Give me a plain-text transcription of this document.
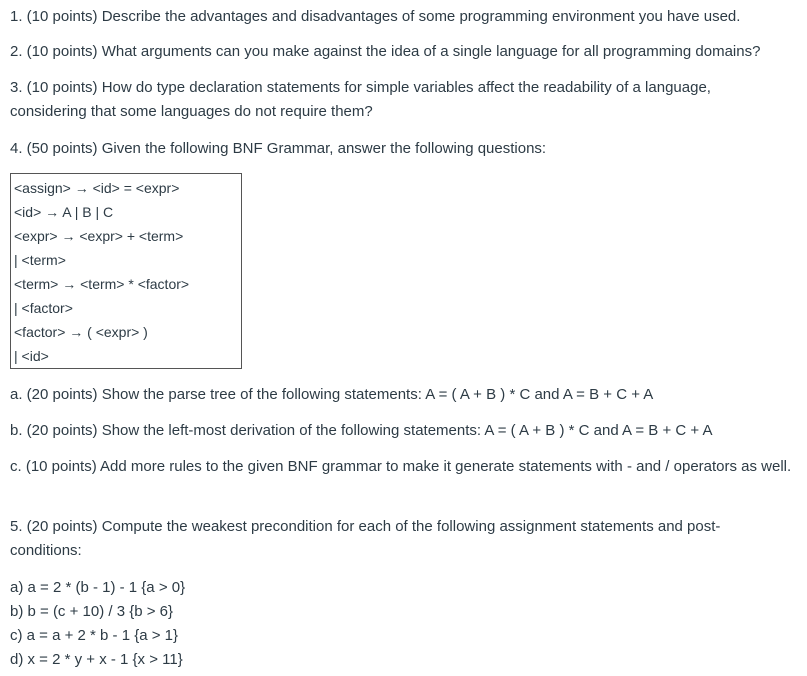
1. (10 points) Describe the advantages and disadvantages of some programming environment you have used.
2. (10 points) What arguments can you make against the idea of a single language for all programming domains?
3. (10 points) How do type declaration statements for simple variables affect the readability of a language, considering that some languages do not require them?
4. (50 points) Given the following BNF Grammar, answer the following questions:
<assign> → <id> = <expr>
<id> → A | B | C
<expr> → <expr> + <term>
| <term>
<term> → <term> * <factor>
| <factor>
<factor> → ( <expr> )
| <id>
a. (20 points) Show the parse tree of the following statements: A = ( A + B ) * C and A = B + C + A
b. (20 points) Show the left-most derivation of the following statements: A = ( A + B ) * C and A = B + C + A
c. (10 points) Add more rules to the given BNF grammar to make it generate statements with - and / operators as well.
5. (20 points) Compute the weakest precondition for each of the following assignment statements and post-conditions:
a) a = 2 * (b - 1) - 1 {a > 0}
b) b = (c + 10) / 3 {b > 6}
c) a = a + 2 * b - 1 {a > 1}
d) x = 2 * y + x - 1 {x > 11}
